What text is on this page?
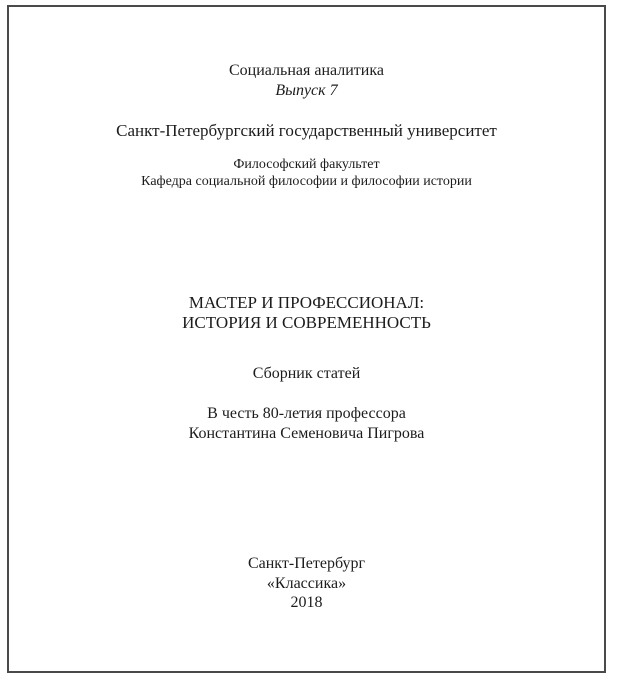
Социальная аналитика
Выпуск 7
Санкт-Петербургский государственный университет
Философский факультет
Кафедра социальной философии и философии истории
МАСТЕР И ПРОФЕССИОНАЛ:
ИСТОРИЯ И СОВРЕМЕННОСТЬ
Сборник статей
В честь 80-летия профессора
Константина Семеновича Пигрова
Санкт-Петербург
«Классика»
2018
